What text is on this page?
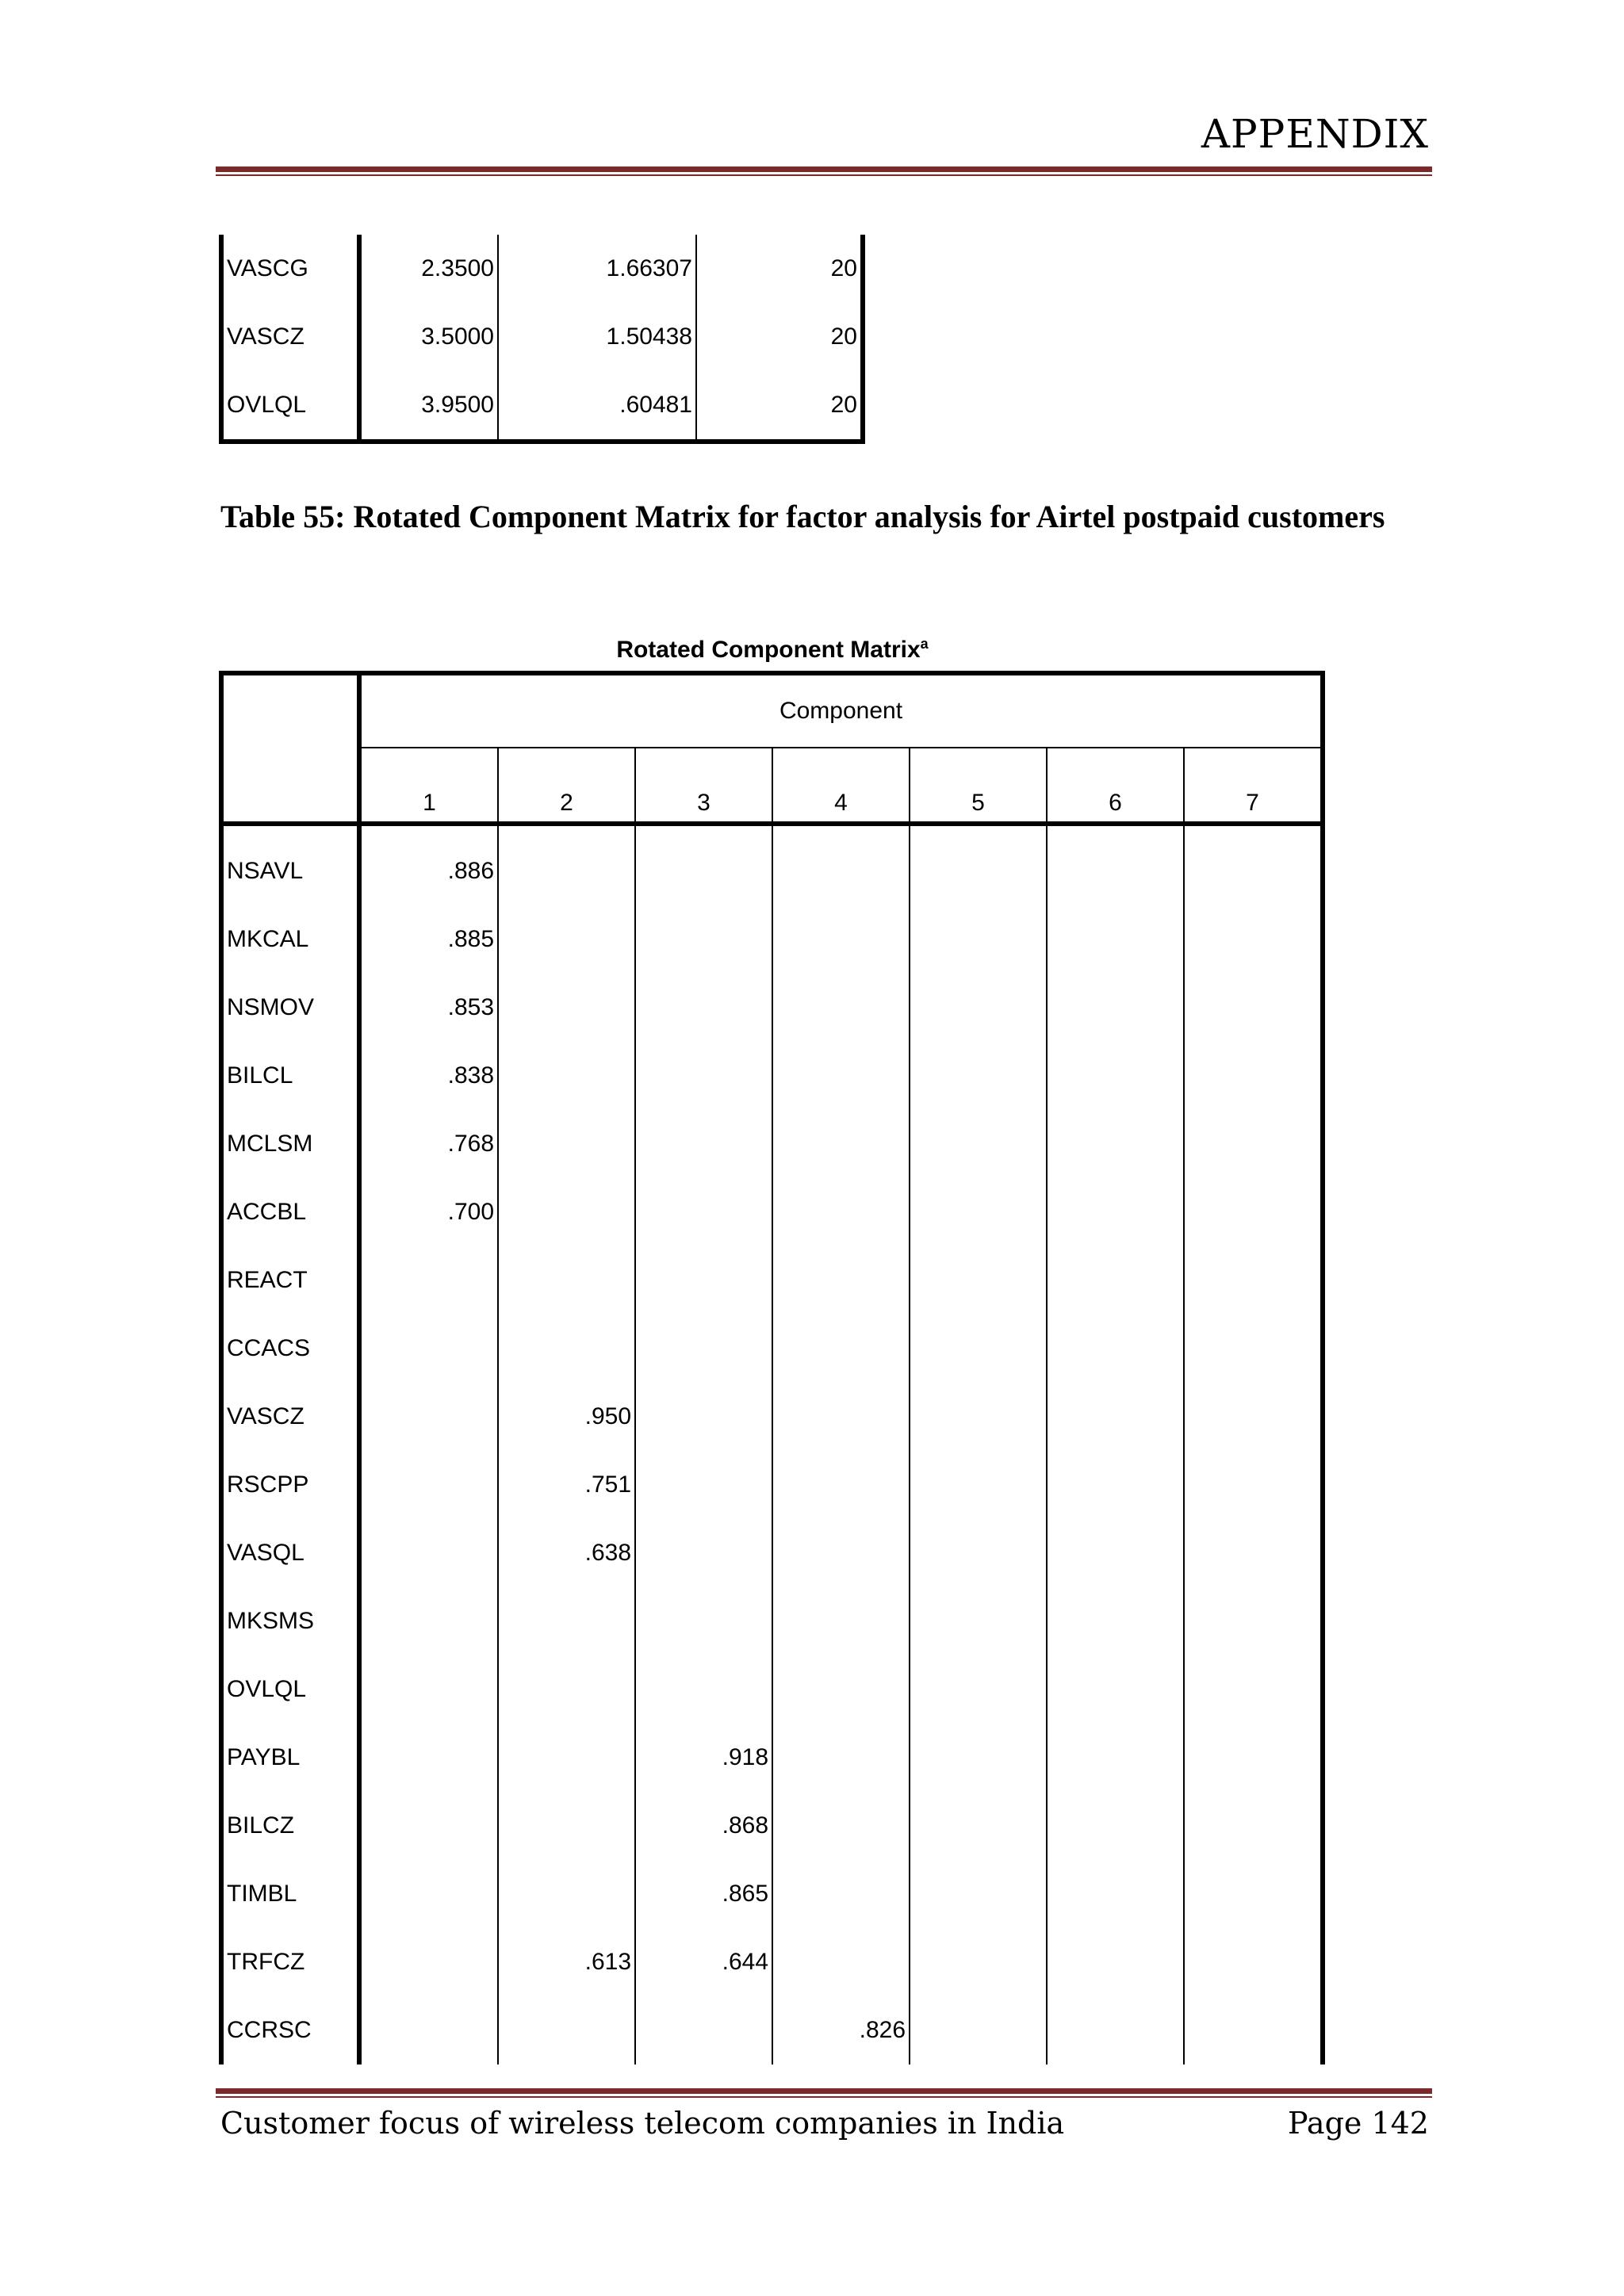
APPENDIX
VASCG	2.3500	1.66307	20
VASCZ	3.5000	1.50438	20
OVLQL	3.9500	.60481	20
Table 55: Rotated Component Matrix for factor analysis for Airtel postpaid customers
Rotated Component Matrix$^a$
	Component						
	1	2	3	4	5	6	7
NSAVL	.886						
MKCAL	.885						
NSMOV	.853						
BILCL	.838						
MCLSM	.768						
ACCBL	.700						
REACT							
CCACS							
VASCZ		.950					
RSCPP		.751					
VASQL		.638					
MKSMS							
OVLQL							
PAYBL			.918				
BILCZ			.868				
TIMBL			.865				
TRFCZ		.613	.644				
CCRSC				.826			
Customer focus of wireless telecom companies in India	Page 142
